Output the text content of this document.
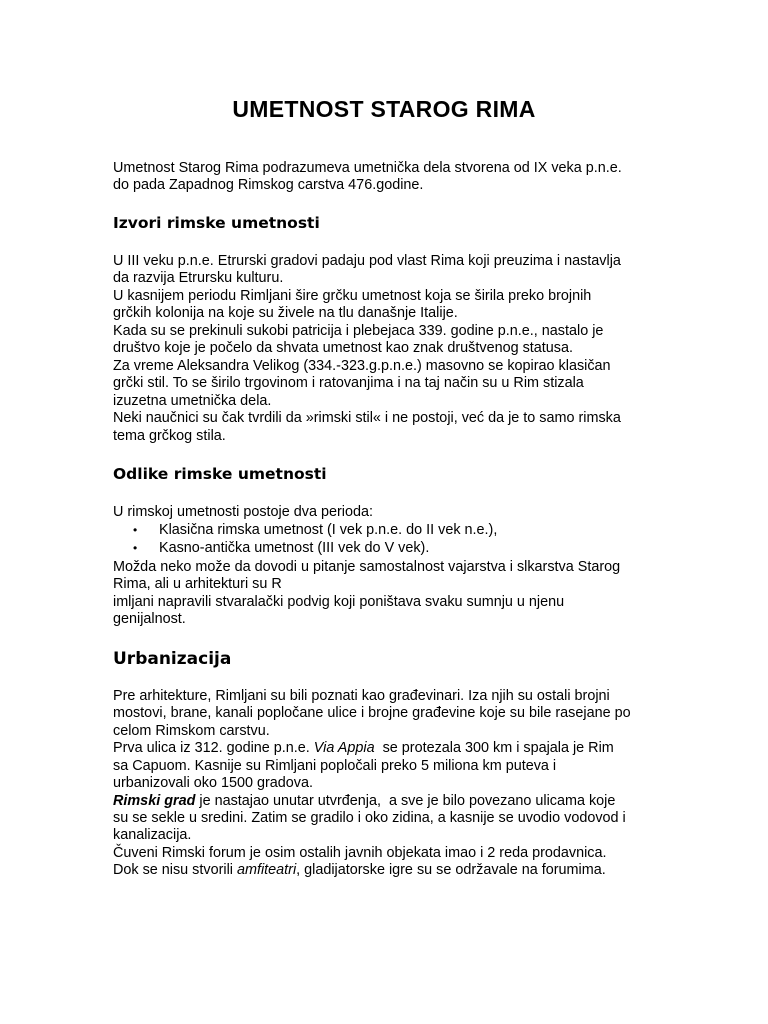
UMETNOST STAROG RIMA

Umetnost Starog Rima podrazumeva umetnička dela stvorena od IX veka p.n.e.

do pada Zapadnog Rimskog carstva 476.godine.

Izvori rimske umetnosti

U III veku p.n.e. Etrurski gradovi padaju pod vlast Rima koji preuzima i nastavlja

da razvija Etrursku kulturu.

U kasnijem periodu Rimljani šire grčku umetnost koja se širila preko brojnih

grčkih kolonija na koje su živele na tlu današnje Italije.

Kada su se prekinuli sukobi patricija i plebejaca 339. godine p.n.e., nastalo je

društvo koje je počelo da shvata umetnost kao znak društvenog statusa.

Za vreme Aleksandra Velikog (334.-323.g.p.n.e.) masovno se kopirao klasičan

grčki stil. To se širilo trgovinom i ratovanjima i na taj način su u Rim stizala

izuzetna umetnička dela.

Neki naučnici su čak tvrdili da »rimski stil« i ne postoji, već da je to samo rimska

tema grčkog stila.

Odlike rimske umetnosti

U rimskoj umetnosti postoje dva perioda:

• Klasična rimska umetnost (I vek p.n.e. do II vek n.e.),

• Kasno-antička umetnost (III vek do V vek).

Možda neko može da dovodi u pitanje samostalnost vajarstva i slkarstva Starog

Rima, ali u arhitekturi su R

imljani napravili stvaralački podvig koji poništava svaku sumnju u njenu

genijalnost.

Urbanizacija

Pre arhitekture, Rimljani su bili poznati kao građevinari. Iza njih su ostali brojni

mostovi, brane, kanali popločane ulice i brojne građevine koje su bile rasejane po

celom Rimskom carstvu.

Prva ulica iz 312. godine p.n.e. Via Appia  se protezala 300 km i spajala je Rim

sa Capuom. Kasnije su Rimljani popločali preko 5 miliona km puteva i

urbanizovali oko 1500 gradova.

Rimski grad je nastajao unutar utvrđenja,  a sve je bilo povezano ulicama koje

su se sekle u sredini. Zatim se gradilo i oko zidina, a kasnije se uvodio vodovod i

kanalizacija.

Čuveni Rimski forum je osim ostalih javnih objekata imao i 2 reda prodavnica.

Dok se nisu stvorili amfiteatri, gladijatorske igre su se održavale na forumima.
